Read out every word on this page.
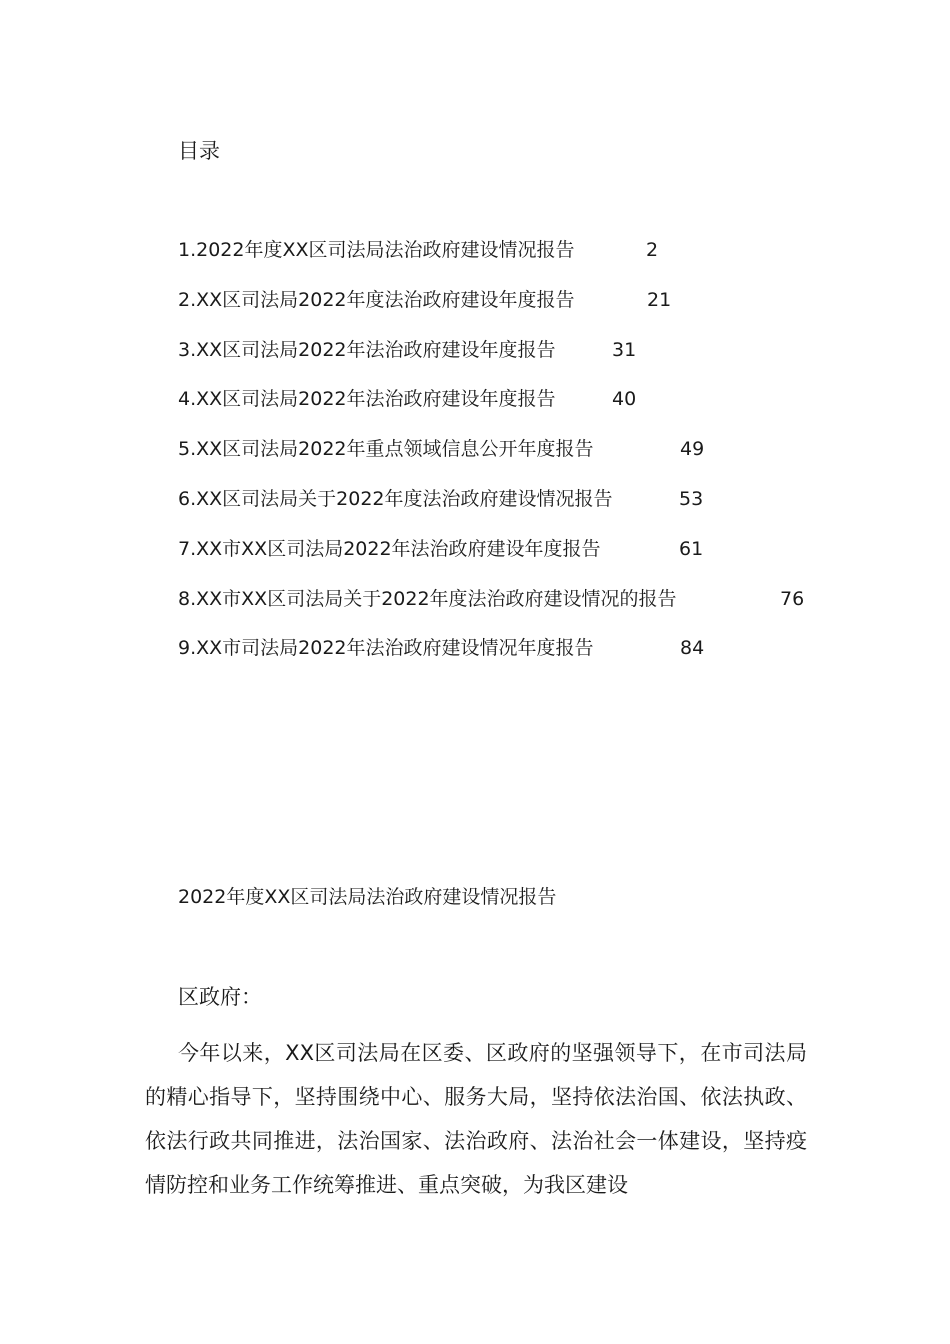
目录
1.2022年度XX区司法局法治政府建设情况报告	2
2.XX区司法局2022年度法治政府建设年度报告	21
3.XX区司法局2022年法治政府建设年度报告	31
4.XX区司法局2022年法治政府建设年度报告	40
5.XX区司法局2022年重点领域信息公开年度报告	49
6.XX区司法局关于2022年度法治政府建设情况报告	53
7.XX市XX区司法局2022年法治政府建设年度报告	61
8.XX市XX区司法局关于2022年度法治政府建设情况的报告	76
9.XX市司法局2022年法治政府建设情况年度报告	84
2022年度XX区司法局法治政府建设情况报告
区政府：

今年以来，XX区司法局在区委、区政府的坚强领导下，在市司法局的精心指导下，坚持围绕中心、服务大局，坚持依法治国、依法执政、依法行政共同推进，法治国家、法治政府、法治社会一体建设，坚持疫情防控和业务工作统筹推进、重点突破，为我区建设
